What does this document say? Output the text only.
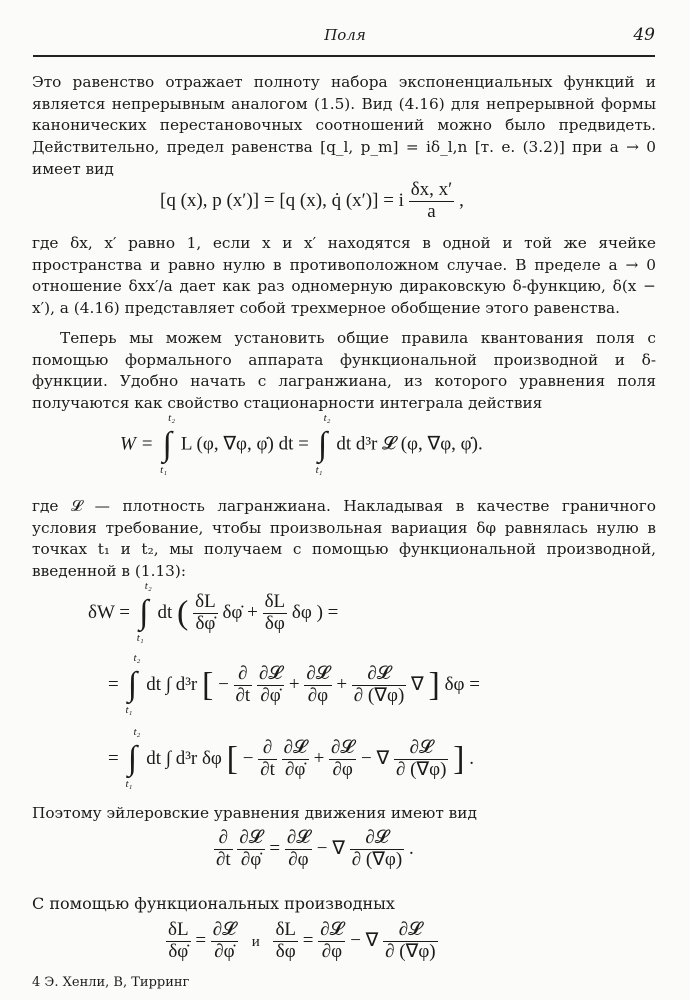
Поля	49

Это равенство отражает полноту набора экспоненциальных функций и является непрерывным аналогом (1.5). Вид (4.16) для непрерывной формы канонических перестановочных соотношений можно было предвидеть. Действительно, предел равенства [q_l, p_m] = iδ_l,n [т. е. (3.2)] при a → 0 имеет вид

[q (x), p (x′)] = [q (x), q̇ (x′)] = i $\frac{\delta x, x'}{a}$ ,

где δx, x′ равно 1, если x и x′ находятся в одной и той же ячейке пространства и равно нулю в противоположном случае. В пределе a → 0 отношение δxx′/a дает как раз одномерную дираковскую δ-функцию, δ(x − x′), а (4.16) представляет собой трехмерное обобщение этого равенства.

Теперь мы можем установить общие правила квантования поля с помощью формального аппарата функциональной производной и δ-функции. Удобно начать с лагранжиана, из которого уравнения поля получаются как свойство стационарности интеграла действия

W = ∫
t₂
t₁
L (φ, ∇φ, φ̇) dt = ∫
t₂
t₁
dt d³r 𝓛 (φ, ∇φ, φ̇).

где 𝓛 — плотность лагранжиана. Накладывая в качестве граничного условия требование, чтобы произвольная вариация δφ равнялась нулю в точках t₁ и t₂, мы получаем с помощью функциональной производной, введенной в (1.13):

δW = ∫
t₂
t₁
dt ( $\frac{\delta L}{\delta\varphi̇}$ δφ̇ + $\frac{\delta L}{\delta\varphi}$ δφ ) =
= ∫
t₂
t₁
dt ∫ d³r [ − $\frac{\partial}{\partial t}$
$\frac{\text{∂𝓛}}{\partial\varphi̇} + \frac{\text{∂𝓛}}{\partial\varphi} + \frac{\text{∂𝓛}}{\partial (\nabla\varphi)}$ ∇ ] δφ =
= ∫
t₂
t₁
dt ∫ d³r δφ [ − $\frac{\partial}{\partial t}$
$\frac{\text{∂𝓛}}{\partial\varphi̇} + \frac{\text{∂𝓛}}{\partial\varphi}$ − ∇ $\frac{\text{∂𝓛}}{\partial (\nabla\varphi)}$ ] .

Поэтому эйлеровские уравнения движения имеют вид

$\frac{\partial}{\partial t}$
$\frac{\text{∂𝓛}}{\partial\varphi̇} = \frac{\text{∂𝓛}}{\partial\varphi}$ − ∇ $\frac{\text{∂𝓛}}{\partial (\nabla\varphi)}$ .

С помощью функциональных производных

$\frac{\delta L}{\delta\varphi̇} = \frac{\text{∂𝓛}}{\partial\varphi̇}$ и $\frac{\delta L}{\delta\varphi} = \frac{\text{∂𝓛}}{\partial\varphi}$ − ∇ $\frac{\text{∂𝓛}}{\partial (\nabla\varphi)}$
4 Э. Хенли, В, Тирринг
